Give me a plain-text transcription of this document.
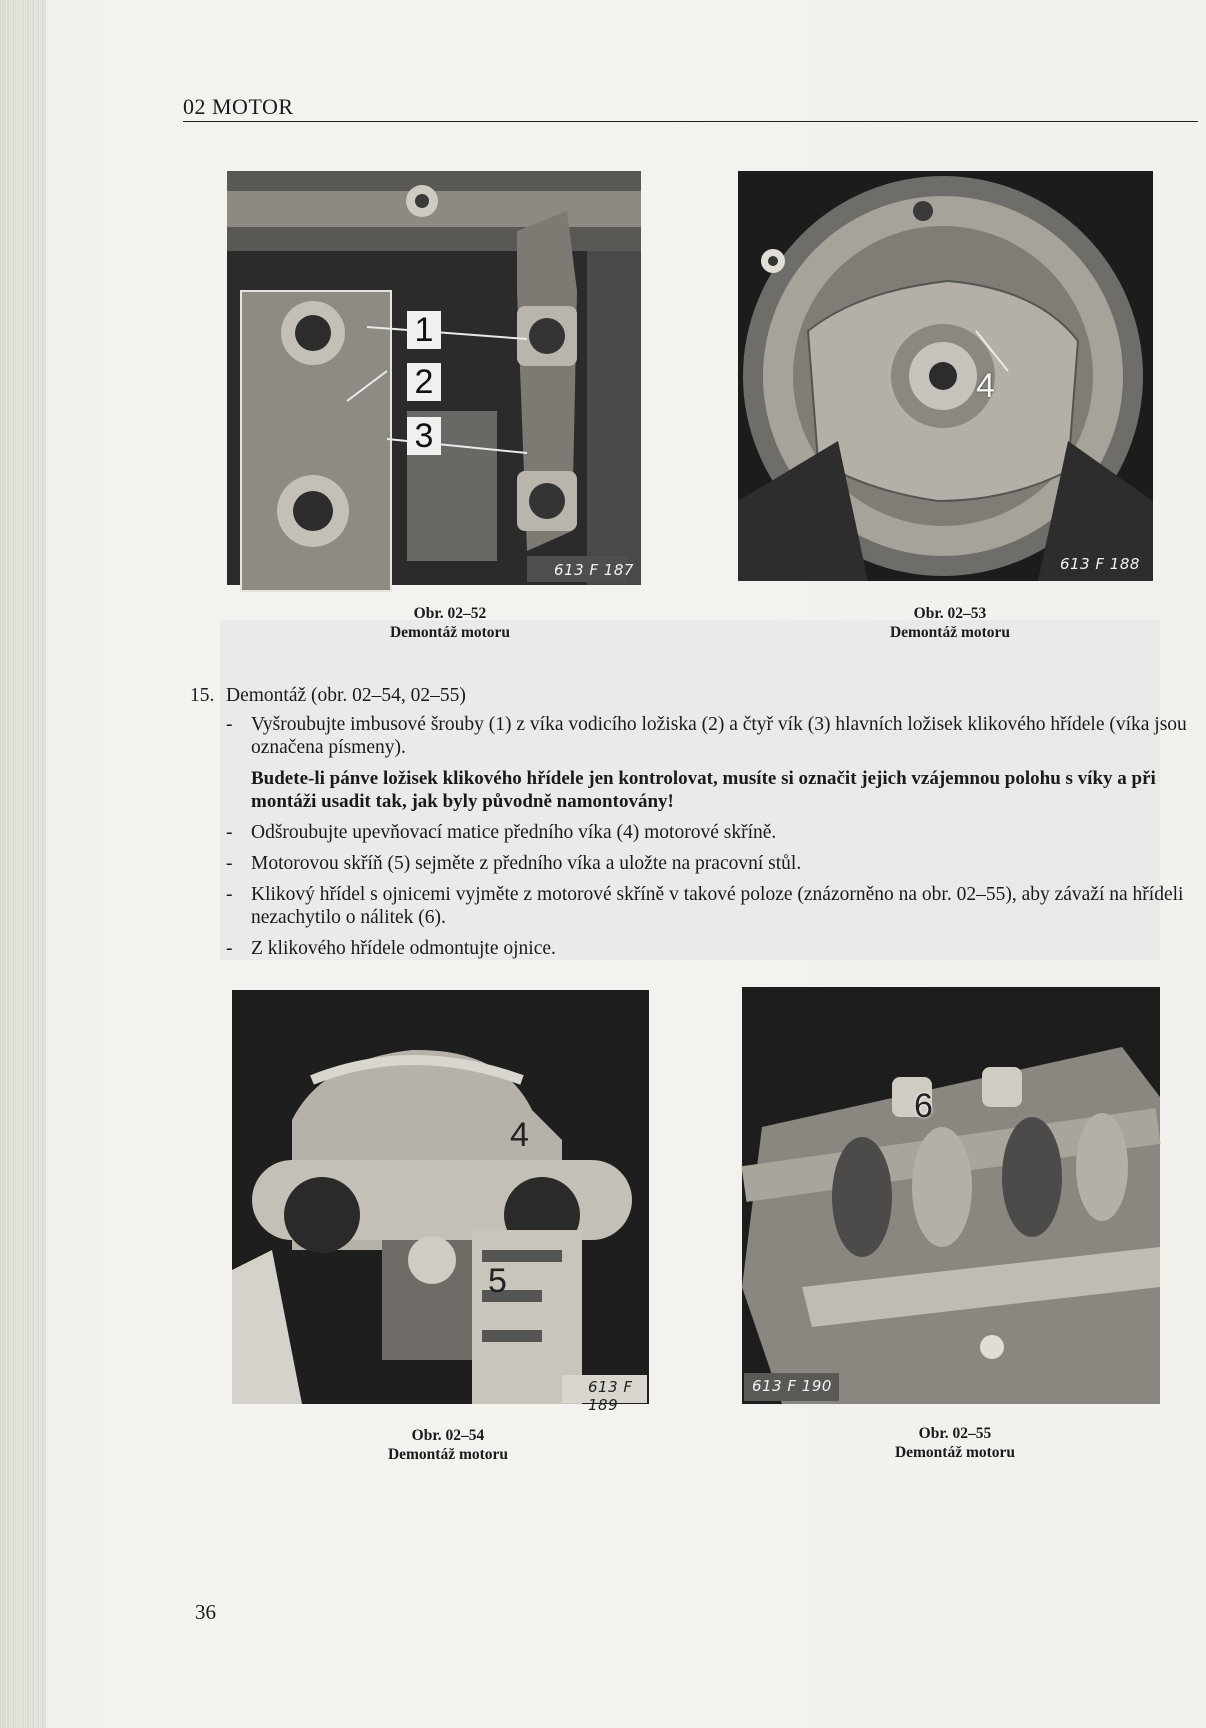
02 MOTOR
1
2
3
613 F 187
Obr. 02–52
Demontáž motoru
4
613 F 188
Obr. 02–53
Demontáž motoru
15. Demontáž (obr. 02–54, 02–55)
- Vyšroubujte imbusové šrouby (1) z víka vodicího ložiska (2) a čtyř vík (3) hlavních ložisek klikového hřídele (víka jsou označena písmeny).
Budete-li pánve ložisek klikového hřídele jen kontrolovat, musíte si označit jejich vzájemnou polohu s víky a při montáži usadit tak, jak byly původně namontovány!
- Odšroubujte upevňovací matice předního víka (4) motorové skříně.
- Motorovou skříň (5) sejměte z předního víka a uložte na pracovní stůl.
- Klikový hřídel s ojnicemi vyjměte z motorové skříně v takové poloze (znázorněno na obr. 02–55), aby závaží na hřídeli nezachytilo o nálitek (6).
- Z klikového hřídele odmontujte ojnice.
4
5
613 F 189
Obr. 02–54
Demontáž motoru
6
613 F 190
Obr. 02–55
Demontáž motoru
36
